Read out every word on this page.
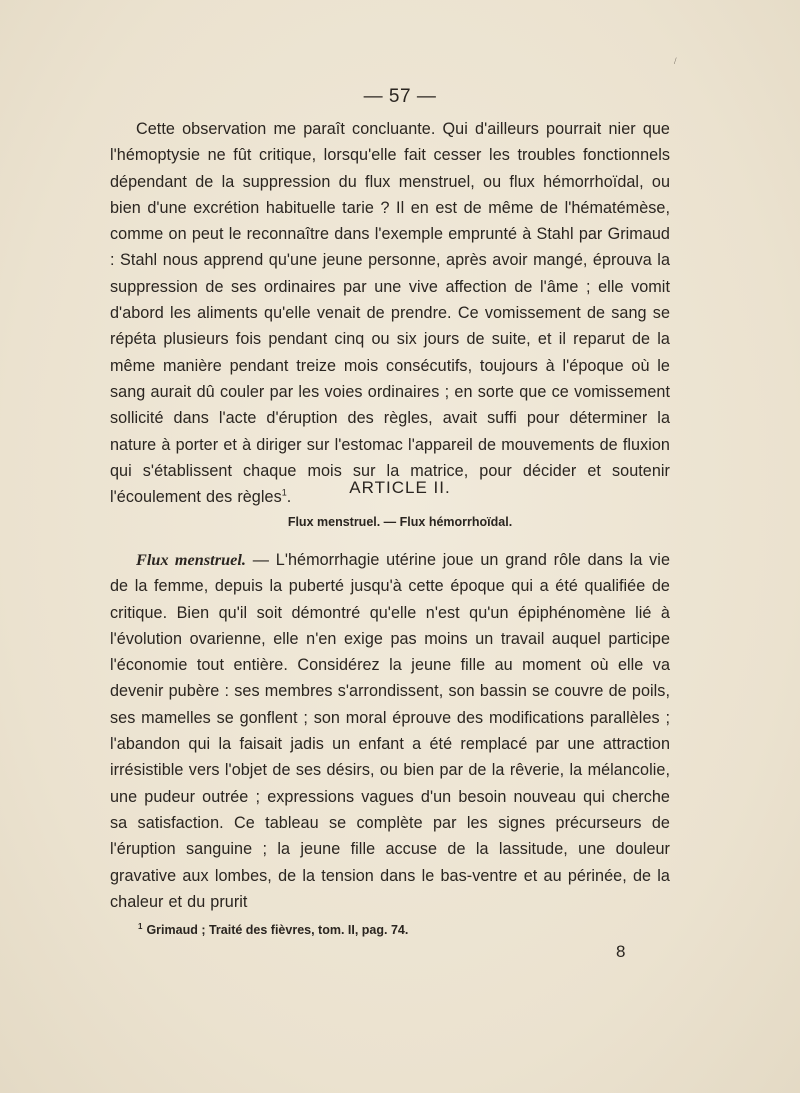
/
— 57 —

Cette observation me paraît concluante. Qui d'ailleurs pourrait nier que l'hémoptysie ne fût critique, lorsqu'elle fait cesser les troubles fonctionnels dépendant de la suppression du flux menstruel, ou flux hémorrhoïdal, ou bien d'une excrétion habituelle tarie ? Il en est de même de l'hématémèse, comme on peut le reconnaître dans l'exemple emprunté à Stahl par Grimaud : Stahl nous apprend qu'une jeune personne, après avoir mangé, éprouva la suppression de ses ordinaires par une vive affection de l'âme ; elle vomit d'abord les aliments qu'elle venait de prendre. Ce vomissement de sang se répéta plusieurs fois pendant cinq ou six jours de suite, et il reparut de la même manière pendant treize mois consécutifs, toujours à l'époque où le sang aurait dû couler par les voies ordinaires ; en sorte que ce vomissement sollicité dans l'acte d'éruption des règles, avait suffi pour déterminer la nature à porter et à diriger sur l'estomac l'appareil de mouvements de fluxion qui s'établissent chaque mois sur la matrice, pour décider et soutenir l'écoulement des règles$^1$.

ARTICLE II.
Flux menstruel. — Flux hémorrhoïdal.

Flux menstruel. — L'hémorrhagie utérine joue un grand rôle dans la vie de la femme, depuis la puberté jusqu'à cette époque qui a été qualifiée de critique. Bien qu'il soit démontré qu'elle n'est qu'un épiphénomène lié à l'évolution ovarienne, elle n'en exige pas moins un travail auquel participe l'économie tout entière. Considérez la jeune fille au moment où elle va devenir pubère : ses membres s'arrondissent, son bassin se couvre de poils, ses mamelles se gonflent ; son moral éprouve des modifications parallèles ; l'abandon qui la faisait jadis un enfant a été remplacé par une attraction irrésistible vers l'objet de ses désirs, ou bien par de la rêverie, la mélancolie, une pudeur outrée ; expressions vagues d'un besoin nouveau qui cherche sa satisfaction. Ce tableau se complète par les signes précurseurs de l'éruption sanguine ; la jeune fille accuse de la lassitude, une douleur gravative aux lombes, de la tension dans le bas-ventre et au périnée, de la chaleur et du prurit

$^1$ Grimaud ; Traité des fièvres, tom. II, pag. 74.
8
